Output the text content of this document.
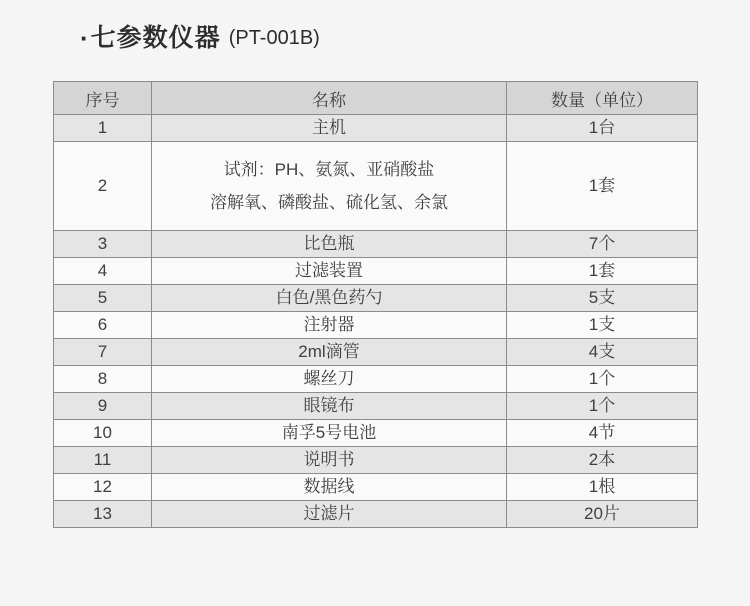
·七参数仪器 (PT-001B)
序号	名称	数量（单位）
1	主机	1台
2	试剂：PH、氨氮、亚硝酸盐
溶解氧、磷酸盐、硫化氢、余氯	1套
3	比色瓶	7个
4	过滤装置	1套
5	白色/黑色药勺	5支
6	注射器	1支
7	2ml滴管	4支
8	螺丝刀	1个
9	眼镜布	1个
10	南孚5号电池	4节
11	说明书	2本
12	数据线	1根
13	过滤片	20片
